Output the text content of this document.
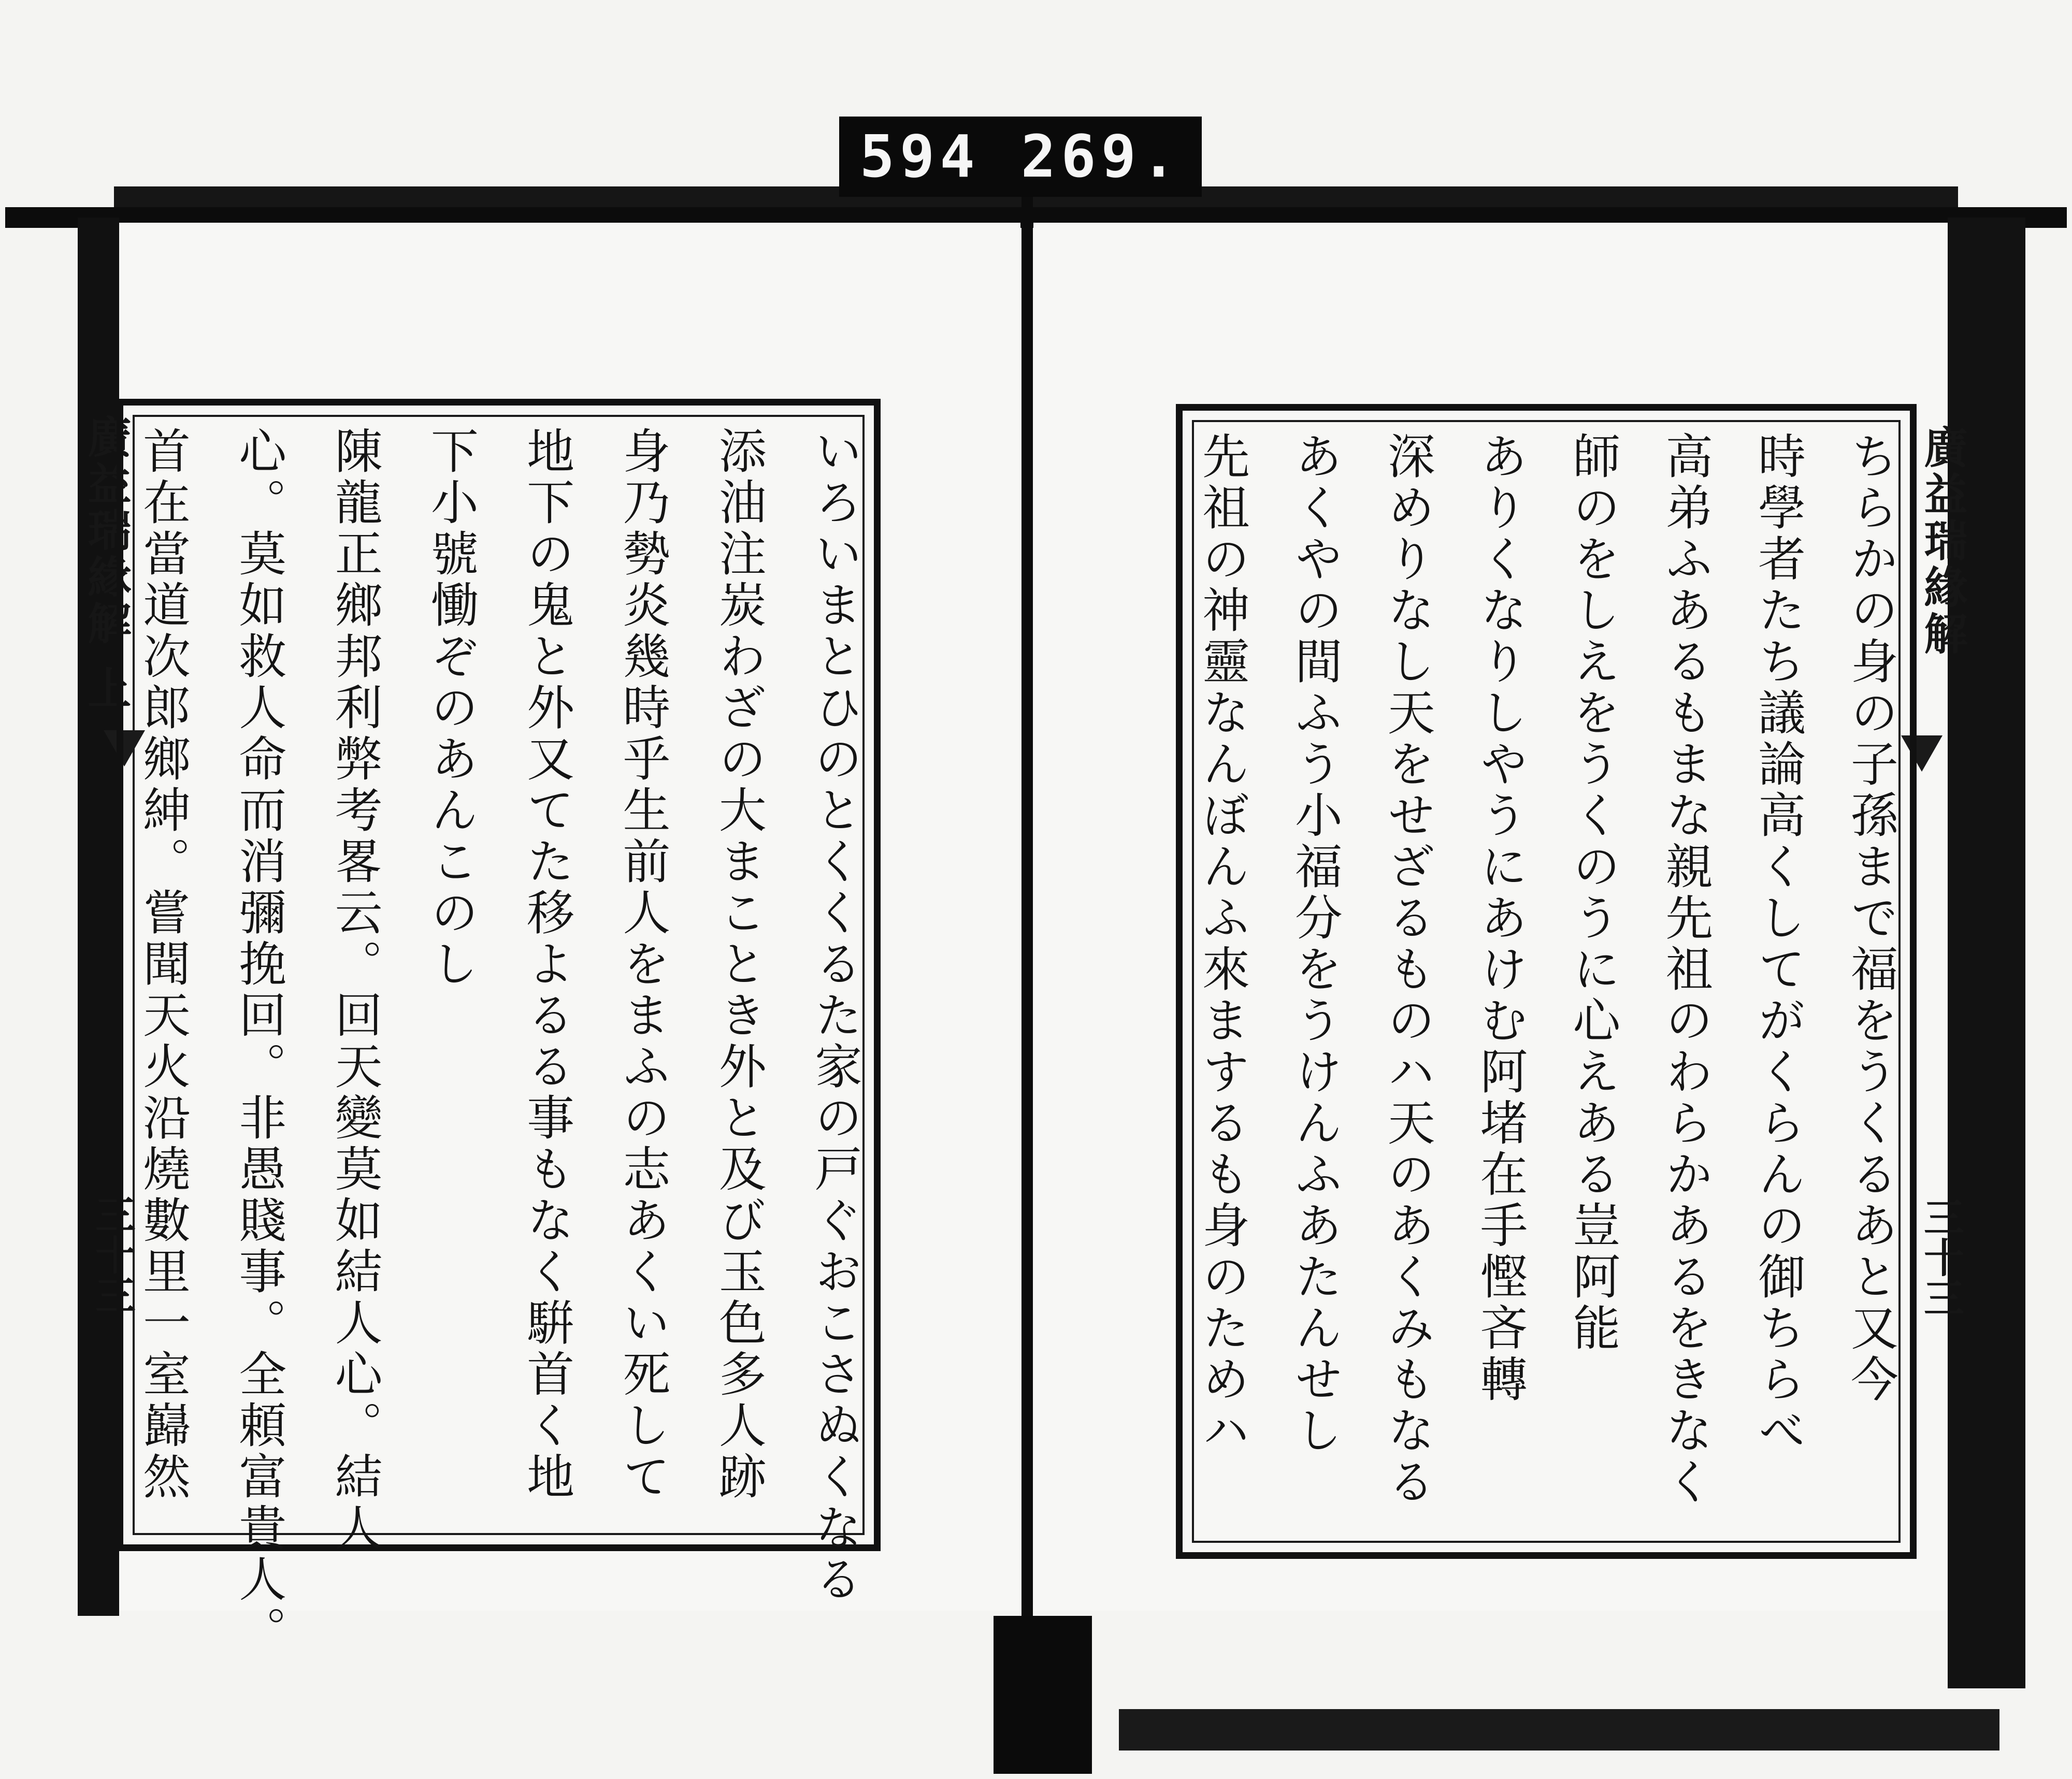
594 269.
廣益瑞緣解 上
三十三	いろいまとひのとくくるた家の戸ぐおこさぬくなる
添油注炭わざの大まことき外と及び玉色多人跡
身乃勢炎幾時乎生前人をまふの志あくい死して
地下の鬼と外又てた移よるる事もなく騈首く地
下小號慟ぞのあんこのし
陳龍正鄉邦利弊考畧云。回天變莫如結人心。結人
心。莫如救人命而消彌挽回。非愚賤事。全頼富貴人。
首在當道次郎鄉紳。嘗聞天火沿燒數里一室巋然	廣益瑞緣解
三十三
ちらかの身の子孫まで福をうくるあと又今
時學者たち議論高くしてがくらんの御ちらべ
高弟ふあるもまな親先祖のわらかあるをきなく
師のをしえをうくのうに心えある豈阿能
ありくなりしやうにあけむ阿堵在手慳吝轉
深めりなし天をせざるものハ天のあくみもなる
あくやの間ふう小福分をうけんふあたんせし
先祖の神靈なんぼんふ來まするも身のためハ
